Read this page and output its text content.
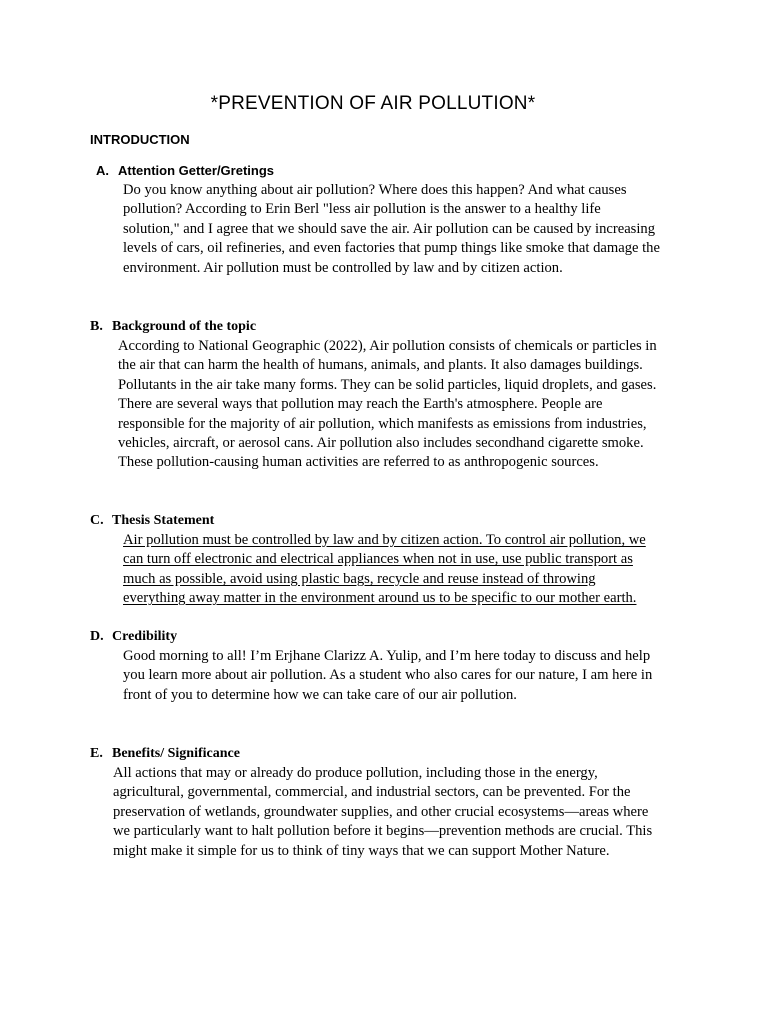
*PREVENTION OF AIR POLLUTION*
INTRODUCTION
A. Attention Getter/Gretings
Do you know anything about air pollution? Where does this happen? And what causes
pollution? According to Erin Berl "less air pollution is the answer to a healthy life
solution," and I agree that we should save the air. Air pollution can be caused by increasing
levels of cars, oil refineries, and even factories that pump things like smoke that damage the
environment. Air pollution must be controlled by law and by citizen action.
B. Background of the topic
According to National Geographic (2022), Air pollution consists of chemicals or particles in
the air that can harm the health of humans, animals, and plants. It also damages buildings.
Pollutants in the air take many forms. They can be solid particles, liquid droplets, and gases.
There are several ways that pollution may reach the Earth's atmosphere. People are
responsible for the majority of air pollution, which manifests as emissions from industries,
vehicles, aircraft, or aerosol cans. Air pollution also includes secondhand cigarette smoke.
These pollution-causing human activities are referred to as anthropogenic sources.
C. Thesis Statement
Air pollution must be controlled by law and by citizen action. To control air pollution, we
can turn off electronic and electrical appliances when not in use, use public transport as
much as possible, avoid using plastic bags, recycle and reuse instead of throwing
everything away matter in the environment around us to be specific to our mother earth.
D. Credibility
Good morning to all! I’m Erjhane Clarizz A. Yulip, and I’m here today to discuss and help
you learn more about air pollution. As a student who also cares for our nature, I am here in
front of you to determine how we can take care of our air pollution.
E. Benefits/ Significance
All actions that may or already do produce pollution, including those in the energy,
agricultural, governmental, commercial, and industrial sectors, can be prevented. For the
preservation of wetlands, groundwater supplies, and other crucial ecosystems—areas where
we particularly want to halt pollution before it begins—prevention methods are crucial. This
might make it simple for us to think of tiny ways that we can support Mother Nature.
